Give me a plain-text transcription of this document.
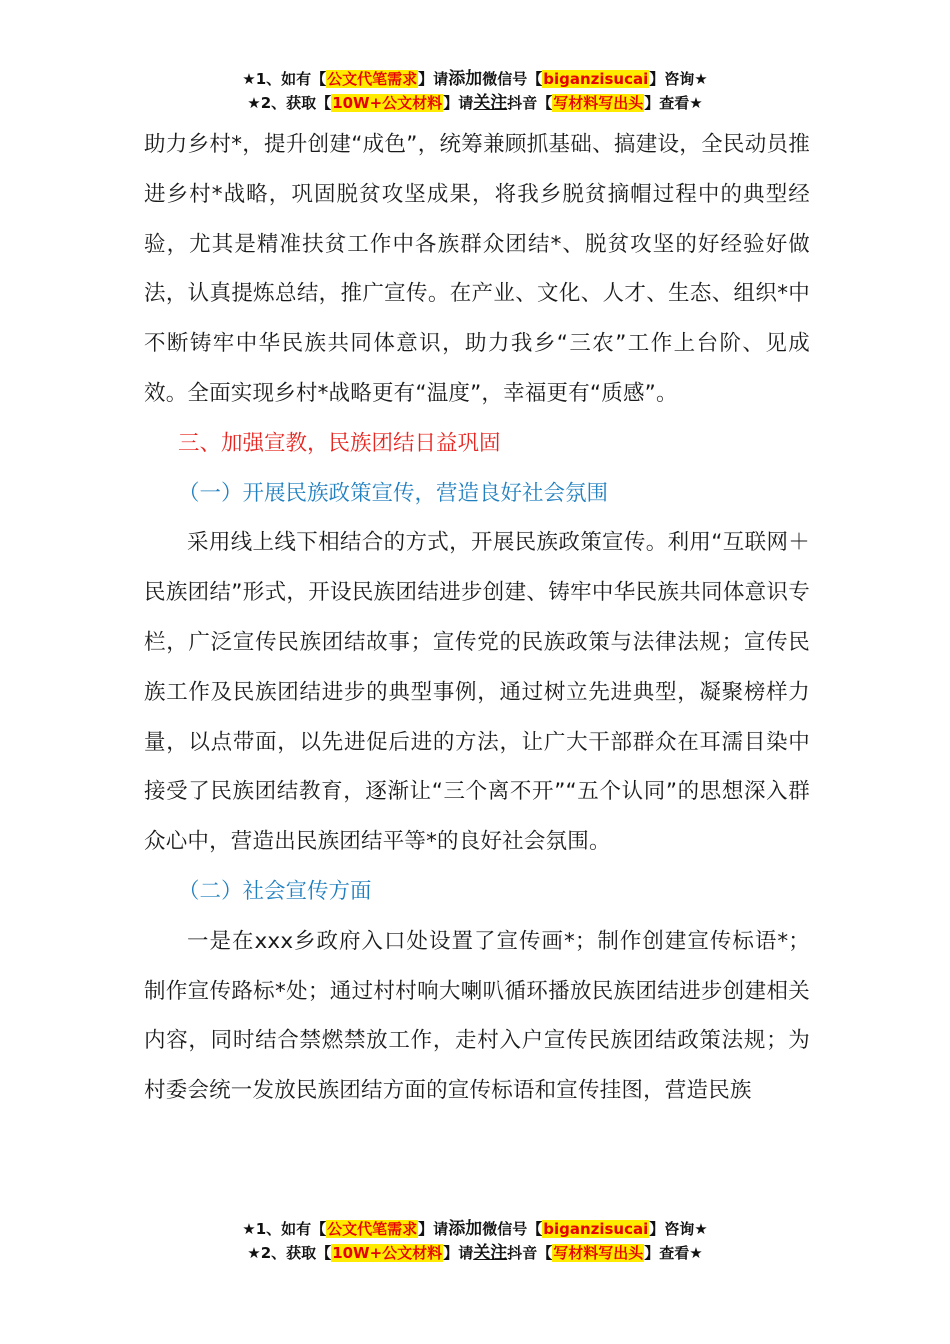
★1、如有【公文代笔需求】请添加微信号【biganzisucai】咨询★
★2、获取【10W+公文材料】请关注抖音【写材料写出头】查看★

助力乡村*，提升创建“成色”，统筹兼顾抓基础、搞建设，全民动员推进乡村*战略，巩固脱贫攻坚成果，将我乡脱贫摘帽过程中的典型经验，尤其是精准扶贫工作中各族群众团结*、脱贫攻坚的好经验好做法，认真提炼总结，推广宣传。在产业、文化、人才、生态、组织*中不断铸牢中华民族共同体意识，助力我乡“三农”工作上台阶、见成效。全面实现乡村*战略更有“温度”，幸福更有“质感”。

三、加强宣教，民族团结日益巩固
（一）开展民族政策宣传，营造良好社会氛围

采用线上线下相结合的方式，开展民族政策宣传。利用“互联网＋民族团结”形式，开设民族团结进步创建、铸牢中华民族共同体意识专栏，广泛宣传民族团结故事；宣传党的民族政策与法律法规；宣传民族工作及民族团结进步的典型事例，通过树立先进典型，凝聚榜样力量，以点带面，以先进促后进的方法，让广大干部群众在耳濡目染中接受了民族团结教育，逐渐让“三个离不开”“五个认同”的思想深入群众心中，营造出民族团结平等*的良好社会氛围。

（二）社会宣传方面

一是在xxx乡政府入口处设置了宣传画*；制作创建宣传标语*；制作宣传路标*处；通过村村响大喇叭循环播放民族团结进步创建相关内容，同时结合禁燃禁放工作，走村入户宣传民族团结政策法规；为村委会统一发放民族团结方面的宣传标语和宣传挂图，营造民族

★1、如有【公文代笔需求】请添加微信号【biganzisucai】咨询★
★2、获取【10W+公文材料】请关注抖音【写材料写出头】查看★
